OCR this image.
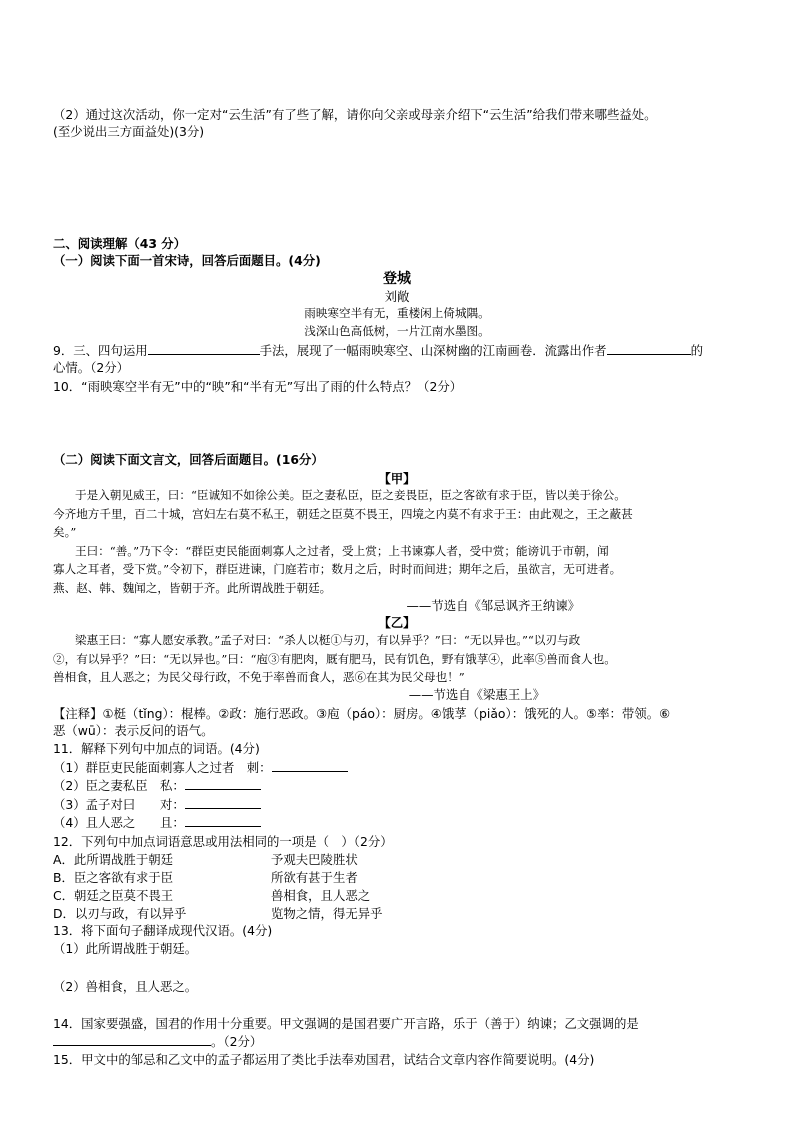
（2）通过这次活动，你一定对“云生活”有了些了解，请你向父亲或母亲介绍下“云生活”给我们带来哪些益处。
(至少说出三方面益处)(3分)
二、阅读理解（43 分）
（一）阅读下面一首宋诗，回答后面题目。(4分)
登城
刘敞
雨映寒空半有无，重楼闲上倚城隅。
浅深山色高低树，一片江南水墨图。
9．三、四句运用	手法，展现了一幅雨映寒空、山深树幽的江南画卷．流露出作者	的
心情。（2分）
10．“雨映寒空半有无”中的“映”和“半有无”写出了雨的什么特点？（2分）
（二）阅读下面文言文，回答后面题目。(16分）
【甲】
于是入朝见威王，曰：“臣诚知不如徐公美。臣之妻私臣，臣之妾畏臣，臣之客欲有求于臣，皆以美于徐公。
今齐地方千里，百二十城，宫妇左右莫不私王，朝廷之臣莫不畏王，四境之内莫不有求于王：由此观之，王之蔽甚
矣。”
王曰：“善。”乃下令：“群臣吏民能面刺寡人之过者，受上赏；上书谏寡人者，受中赏；能谤讥于市朝，闻
寡人之耳者，受下赏。”令初下，群臣进谏，门庭若市；数月之后，时时而间进；期年之后，虽欲言，无可进者。
燕、赵、韩、魏闻之，皆朝于齐。此所谓战胜于朝廷。
——节选自《邹忌讽齐王纳谏》
【乙】
梁惠王曰：“寡人愿安承教。”孟子对曰：“杀人以梃①与刃，有以异乎？”曰：“无以异也。”“以刃与政
②，有以异乎？”曰：“无以异也。”曰：“庖③有肥肉，厩有肥马，民有饥色，野有饿莩④，此率⑤兽而食人也。
兽相食，且人恶之；为民父母行政，不免于率兽而食人，恶⑥在其为民父母也！”
——节选自《梁惠王上》
【注释】①梃（tǐng）：棍棒。②政：施行恶政。③庖（páo）：厨房。④饿莩（piǎo）：饿死的人。⑤率：带领。⑥
恶（wū）：表示反问的语气。
11．解释下列句中加点的词语。(4分)
（1）群臣吏民能面刺寡人之过者　刺：
（2）臣之妻私臣　私：
（3）孟子对曰　　对：
（4）且人恶之　　且：
12．下列句中加点词语意思或用法相同的一项是（　）（2分）
A．此所谓战胜于朝廷	予观夫巴陵胜状
B．臣之客欲有求于臣	所欲有甚于生者
C．朝廷之臣莫不畏王	兽相食，且人恶之
D．以刃与政，有以异乎	览物之情，得无异乎
13．将下面句子翻译成现代汉语。(4分)
（1）此所谓战胜于朝廷。
（2）兽相食，且人恶之。
14．国家要强盛，国君的作用十分重要。甲文强调的是国君要广开言路，乐于（善于）纳谏；乙文强调的是
。（2分）
15．甲文中的邹忌和乙文中的孟子都运用了类比手法奉劝国君，试结合文章内容作简要说明。(4分)
